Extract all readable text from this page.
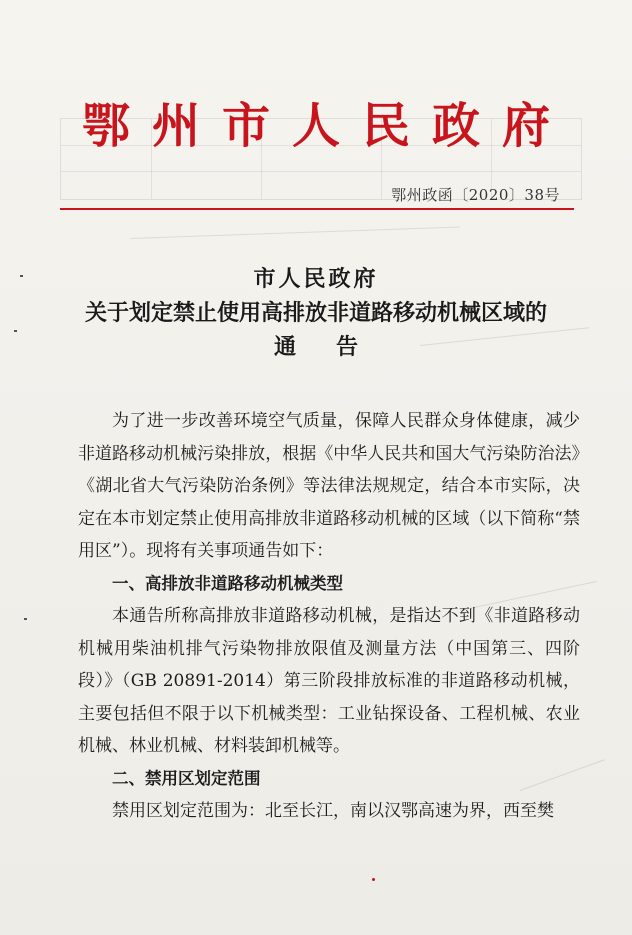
鄂州市人民政府
鄂州政函〔2020〕38号
市人民政府
关于划定禁止使用高排放非道路移动机械区域的
通告

为了进一步改善环境空气质量，保障人民群众身体健康，减少非道路移动机械污染排放，根据《中华人民共和国大气污染防治法》《湖北省大气污染防治条例》等法律法规规定，结合本市实际，决定在本市划定禁止使用高排放非道路移动机械的区域（以下简称“禁用区”）。现将有关事项通告如下：

一、高排放非道路移动机械类型

本通告所称高排放非道路移动机械，是指达不到《非道路移动机械用柴油机排气污染物排放限值及测量方法（中国第三、四阶段）》（GB 20891-2014）第三阶段排放标准的非道路移动机械，主要包括但不限于以下机械类型：工业钻探设备、工程机械、农业机械、林业机械、材料装卸机械等。

二、禁用区划定范围

禁用区划定范围为：北至长江，南以汉鄂高速为界，西至樊
